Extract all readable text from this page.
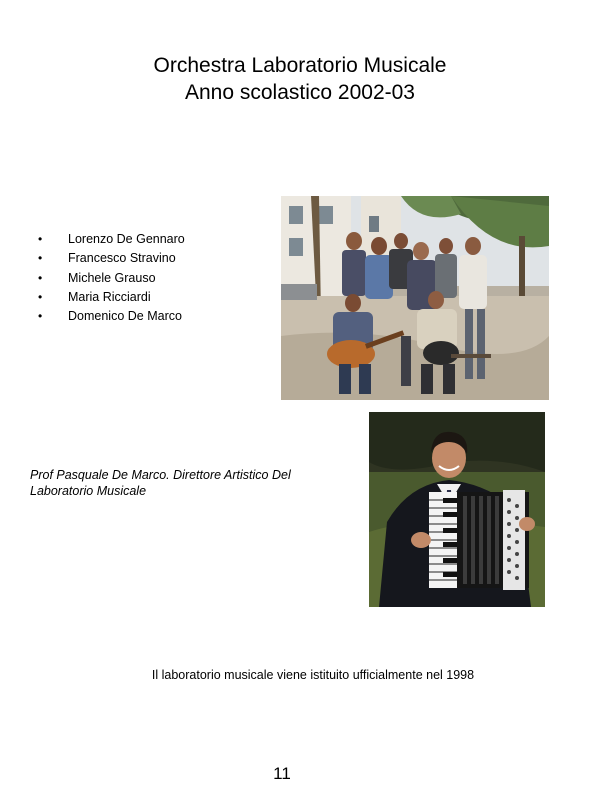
Orchestra Laboratorio Musicale
Anno scolastico 2002-03
• Lorenzo De Gennaro
• Francesco Stravino
• Michele Grauso
• Maria Ricciardi
• Domenico De Marco
Prof Pasquale De Marco. Direttore Artistico Del Laboratorio Musicale
Il laboratorio musicale viene istituito ufficialmente nel 1998
11
